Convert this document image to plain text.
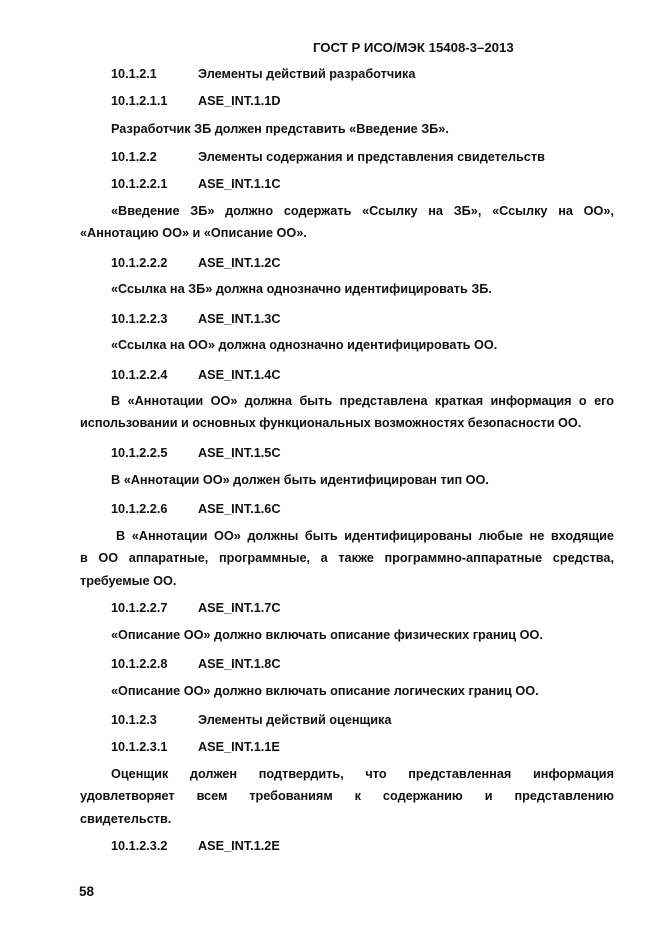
ГОСТ Р ИСО/МЭК 15408-3–2013
10.1.2.1	Элементы действий разработчика
10.1.2.1.1 ASE_INT.1.1D
Разработчик ЗБ должен представить «Введение ЗБ».
10.1.2.2	Элементы содержания и представления свидетельств
10.1.2.2.1 ASE_INT.1.1C
«Введение ЗБ» должно содержать «Ссылку на ЗБ», «Ссылку на ОО»,
«Аннотацию ОО» и «Описание ОО».
10.1.2.2.2 ASE_INT.1.2C
«Ссылка на ЗБ» должна однозначно идентифицировать ЗБ.
10.1.2.2.3 ASE_INT.1.3C
«Ссылка на ОО» должна однозначно идентифицировать ОО.
10.1.2.2.4 ASE_INT.1.4C
В «Аннотации ОО» должна быть представлена краткая информация о его
использовании и основных функциональных возможностях безопасности ОО.
10.1.2.2.5 ASE_INT.1.5C
В «Аннотации ОО» должен быть идентифицирован тип ОО.
10.1.2.2.6 ASE_INT.1.6C
В «Аннотации ОО» должны быть идентифицированы любые не входящие
в ОО аппаратные, программные, а также программно-аппаратные средства,
требуемые ОО.
10.1.2.2.7 ASE_INT.1.7C
«Описание ОО» должно включать описание физических границ ОО.
10.1.2.2.8 ASE_INT.1.8C
«Описание ОО» должно включать описание логических границ ОО.
10.1.2.3	Элементы действий оценщика
10.1.2.3.1 ASE_INT.1.1E
Оценщик должен подтвердить, что представленная информация
удовлетворяет всем требованиям к содержанию и представлению
свидетельств.
10.1.2.3.2 ASE_INT.1.2E
58
